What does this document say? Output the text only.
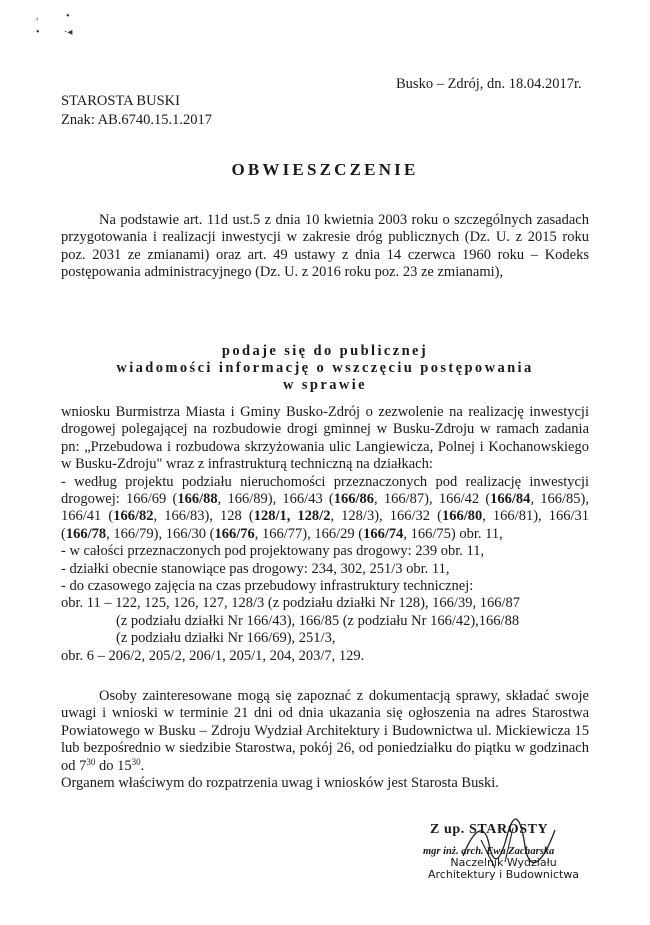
,	•
• ·◂
Busko – Zdrój, dn. 18.04.2017r.
STAROSTA BUSKI
Znak: AB.6740.15.1.2017
OBWIESZCZENIE

Na podstawie art. 11d ust.5 z dnia 10 kwietnia 2003 roku o szczególnych zasadach przygotowania i realizacji inwestycji w zakresie dróg publicznych (Dz. U. z 2015 roku poz. 2031 ze zmianami) oraz art. 49 ustawy z dnia 14 czerwca 1960 roku – Kodeks postępowania administracyjnego (Dz. U. z 2016 roku poz. 23 ze zmianami),

podaje się do publicznej
wiadomości informację o wszczęciu postępowania
w sprawie

wniosku Burmistrza Miasta i Gminy Busko-Zdrój o zezwolenie na realizację inwestycji drogowej polegającej na rozbudowie drogi gminnej w Busku-Zdroju w ramach zadania pn: „Przebudowa i rozbudowa skrzyżowania ulic Langiewicza, Polnej i Kochanowskiego w Busku-Zdroju" wraz z infrastrukturą techniczną na działkach:

- według projektu podziału nieruchomości przeznaczonych pod realizację inwestycji drogowej: 166/69 (166/88, 166/89), 166/43 (166/86, 166/87), 166/42 (166/84, 166/85), 166/41 (166/82, 166/83), 128 (128/1, 128/2, 128/3), 166/32 (166/80, 166/81), 166/31 (166/78, 166/79), 166/30 (166/76, 166/77), 166/29 (166/74, 166/75) obr. 11,

- w całości przeznaczonych pod projektowany pas drogowy: 239 obr. 11,

- działki obecnie stanowiące pas drogowy: 234, 302, 251/3 obr. 11,

- do czasowego zajęcia na czas przebudowy infrastruktury technicznej:

obr. 11 – 122, 125, 126, 127, 128/3 (z podziału działki Nr 128), 166/39, 166/87

(z podziału działki Nr 166/43), 166/85 (z podziału Nr 166/42),166/88

(z podziału działki Nr 166/69), 251/3,

obr. 6 – 206/2, 205/2, 206/1, 205/1, 204, 203/7, 129.

Osoby zainteresowane mogą się zapoznać z dokumentacją sprawy, składać swoje uwagi i wnioski w terminie 21 dni od dnia ukazania się ogłoszenia na adres Starostwa Powiatowego w Busku – Zdroju Wydział Architektury i Budownictwa ul. Mickiewicza 15 lub bezpośrednio w siedzibie Starostwa, pokój 26, od poniedziałku do piątku w godzinach od $7^{30}$ do $15^{30}$.

Organem właściwym do rozpatrzenia uwag i wniosków jest Starosta Buski.

Z up. STAROSTY
mgr inż. arch. Ewa Zacharska
Naczelnik Wydziału
Architektury i Budownictwa
